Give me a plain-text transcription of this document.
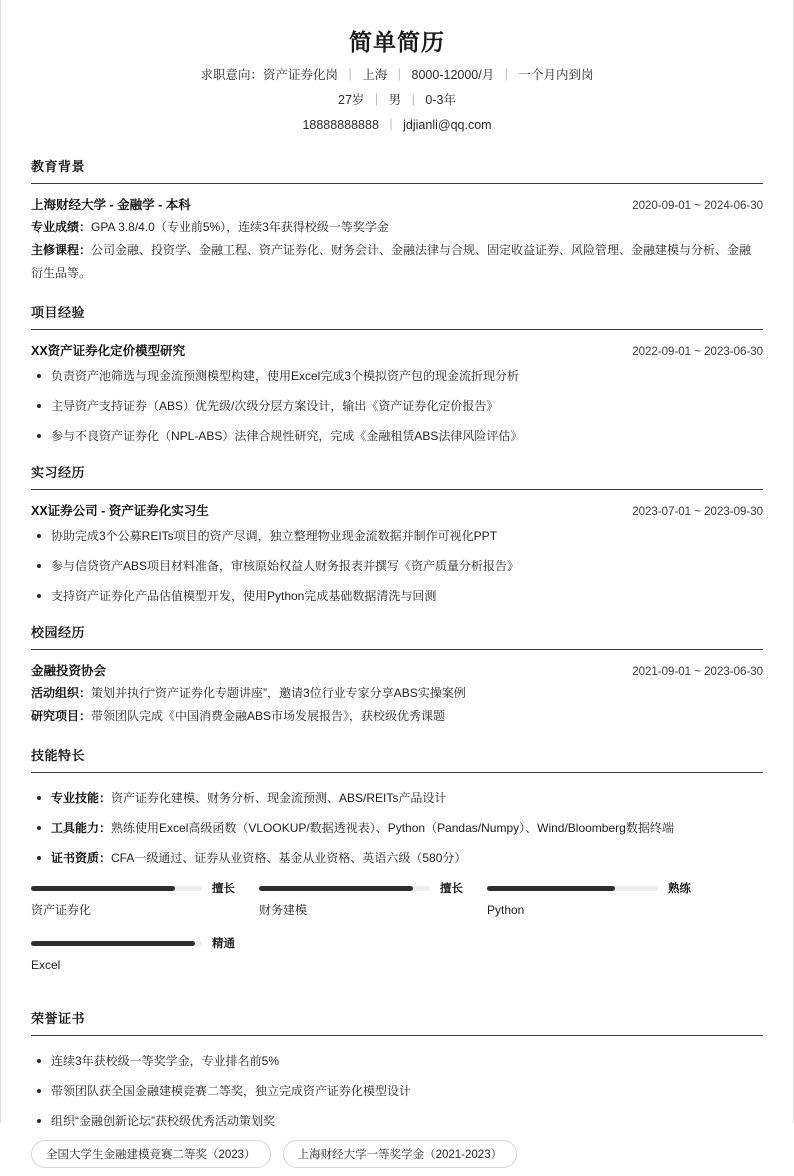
简单简历
求职意向：资产证券化岗 | 上海 | 8000-12000/月 | 一个月内到岗
27岁 | 男 | 0-3年
18888888888 | jdjianli@qq.com
教育背景
上海财经大学 - 金融学 - 本科	2020-09-01 ~ 2024-06-30
专业成绩：GPA 3.8/4.0（专业前5%），连续3年获得校级一等奖学金
主修课程：公司金融、投资学、金融工程、资产证券化、财务会计、金融法律与合规、固定收益证券、风险管理、金融建模与分析、金融衍生品等。
项目经验
XX资产证券化定价模型研究	2022-09-01 ~ 2023-06-30
负责资产池筛选与现金流预测模型构建，使用Excel完成3个模拟资产包的现金流折现分析
主导资产支持证券（ABS）优先级/次级分层方案设计，输出《资产证券化定价报告》
参与不良资产证券化（NPL-ABS）法律合规性研究，完成《金融租赁ABS法律风险评估》
实习经历
XX证券公司 - 资产证券化实习生	2023-07-01 ~ 2023-09-30
协助完成3个公募REITs项目的资产尽调，独立整理物业现金流数据并制作可视化PPT
参与信贷资产ABS项目材料准备，审核原始权益人财务报表并撰写《资产质量分析报告》
支持资产证券化产品估值模型开发，使用Python完成基础数据清洗与回测
校园经历
金融投资协会	2021-09-01 ~ 2023-06-30
活动组织：策划并执行“资产证券化专题讲座”，邀请3位行业专家分享ABS实操案例
研究项目：带领团队完成《中国消费金融ABS市场发展报告》，获校级优秀课题
技能特长
专业技能：资产证券化建模、财务分析、现金流预测、ABS/REITs产品设计
工具能力：熟练使用Excel高级函数（VLOOKUP/数据透视表）、Python（Pandas/Numpy）、Wind/Bloomberg数据终端
证书资质：CFA一级通过、证券从业资格、基金从业资格、英语六级（580分）
擅长
资产证券化
擅长
财务建模
熟练
Python
精通
Excel
荣誉证书
连续3年获校级一等奖学金，专业排名前5%
带领团队获全国金融建模竞赛二等奖，独立完成资产证券化模型设计
组织“金融创新论坛”获校级优秀活动策划奖
全国大学生金融建模竞赛二等奖（2023）	上海财经大学一等奖学金（2021-2023）
